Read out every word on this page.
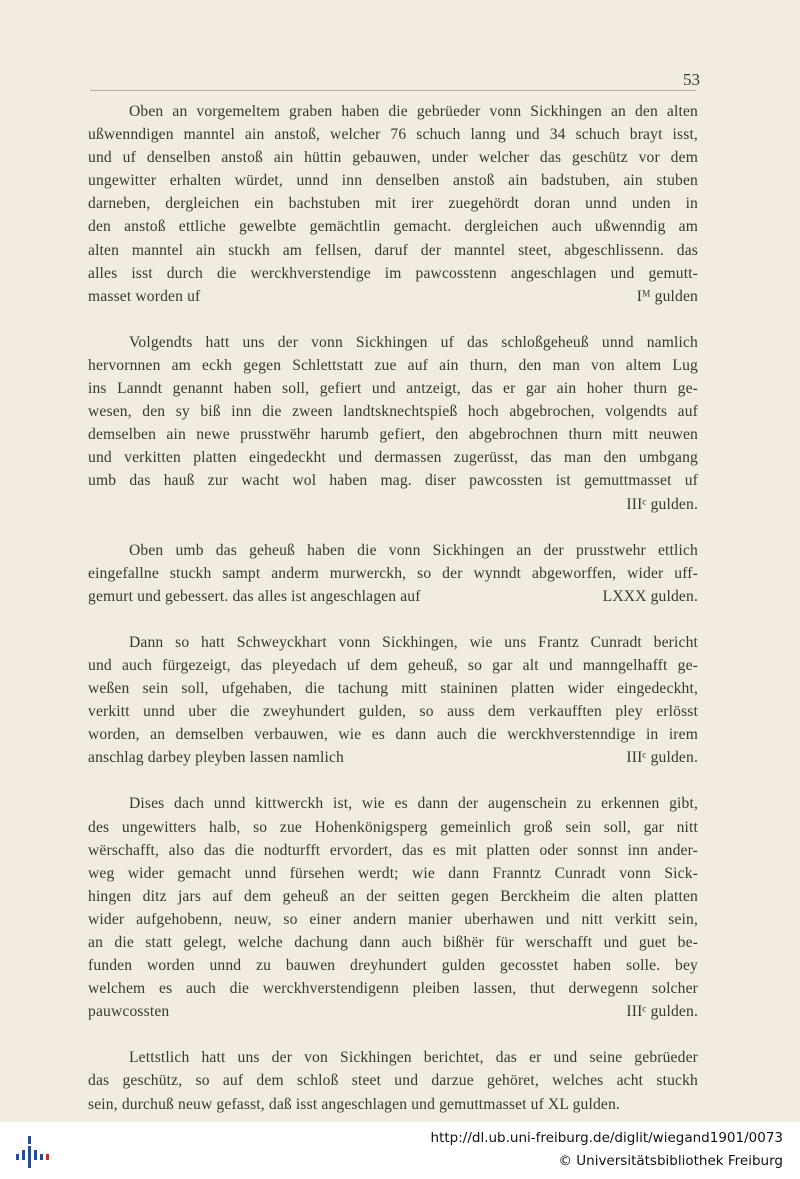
53
Oben an vorgemeltem graben haben die gebrüeder vonn Sickhingen an den alten
ußwenndigen manntel ain anstoß, welcher 76 schuch lanng und 34 schuch brayt isst,
und uf denselben anstoß ain hüttin gebauwen, under welcher das geschütz vor dem
ungewitter erhalten würdet, unnd inn denselben anstoß ain badstuben, ain stuben
darneben, dergleichen ein bachstuben mit irer zuegehördt doran unnd unden in
den anstoß ettliche gewelbte gemächtlin gemacht. dergleichen auch ußwenndig am
alten manntel ain stuckh am fellsen, daruf der manntel steet, abgeschlissenn. das
alles isst durch die werckhverstendige im pawcosstenn angeschlagen und gemutt-
masset worden uf	Iᴹ gulden
Volgendts hatt uns der vonn Sickhingen uf das schloßgeheuß unnd namlich
hervornnen am eckh gegen Schlettstatt zue auf ain thurn, den man von altem Lug
ins Lanndt genannt haben soll, gefiert und antzeigt, das er gar ain hoher thurn ge-
wesen, den sy biß inn die zween landtsknechtspieß hoch abgebrochen, volgendts auf
demselben ain newe prusstwëhr harumb gefiert, den abgebrochnen thurn mitt neuwen
und verkitten platten eingedeckht und dermassen zugerüsst, das man den umbgang
umb das hauß zur wacht wol haben mag. diser pawcossten ist gemuttmasset uf
IIIᶜ gulden.
Oben umb das geheuß haben die vonn Sickhingen an der prusstwehr ettlich
eingefallne stuckh sampt anderm murwerckh, so der wynndt abgeworffen, wider uff-
gemurt und gebessert. das alles ist angeschlagen auf	LXXX gulden.
Dann so hatt Schweyckhart vonn Sickhingen, wie uns Frantz Cunradt bericht
und auch fürgezeigt, das pleyedach uf dem geheuß, so gar alt und manngelhafft ge-
weßen sein soll, ufgehaben, die tachung mitt staininen platten wider eingedeckht,
verkitt unnd uber die zweyhundert gulden, so auss dem verkaufften pley erlösst
worden, an demselben verbauwen, wie es dann auch die werckhverstenndige in irem
anschlag darbey pleyben lassen namlich	IIIᶜ gulden.
Dises dach unnd kittwerckh ist, wie es dann der augenschein zu erkennen gibt,
des ungewitters halb, so zue Hohenkönigsperg gemeinlich groß sein soll, gar nitt
wërschafft, also das die nodturfft ervordert, das es mit platten oder sonnst inn ander-
weg wider gemacht unnd fürsehen werdt; wie dann Franntz Cunradt vonn Sick-
hingen ditz jars auf dem geheuß an der seitten gegen Berckheim die alten platten
wider aufgehobenn, neuw, so einer andern manier uberhawen und nitt verkitt sein,
an die statt gelegt, welche dachung dann auch bißhër für werschafft und guet be-
funden worden unnd zu bauwen dreyhundert gulden gecosstet haben solle. bey
welchem es auch die werckhverstendigenn pleiben lassen, thut derwegenn solcher
pauwcossten	IIIᶜ gulden.
Lettstlich hatt uns der von Sickhingen berichtet, das er und seine gebrüeder
das geschütz, so auf dem schloß steet und darzue gehöret, welches acht stuckh
sein, durchuß neuw gefasst, daß isst angeschlagen und gemuttmasset uf XL gulden.
http://dl.ub.uni-freiburg.de/diglit/wiegand1901/0073
© Universitätsbibliothek Freiburg
